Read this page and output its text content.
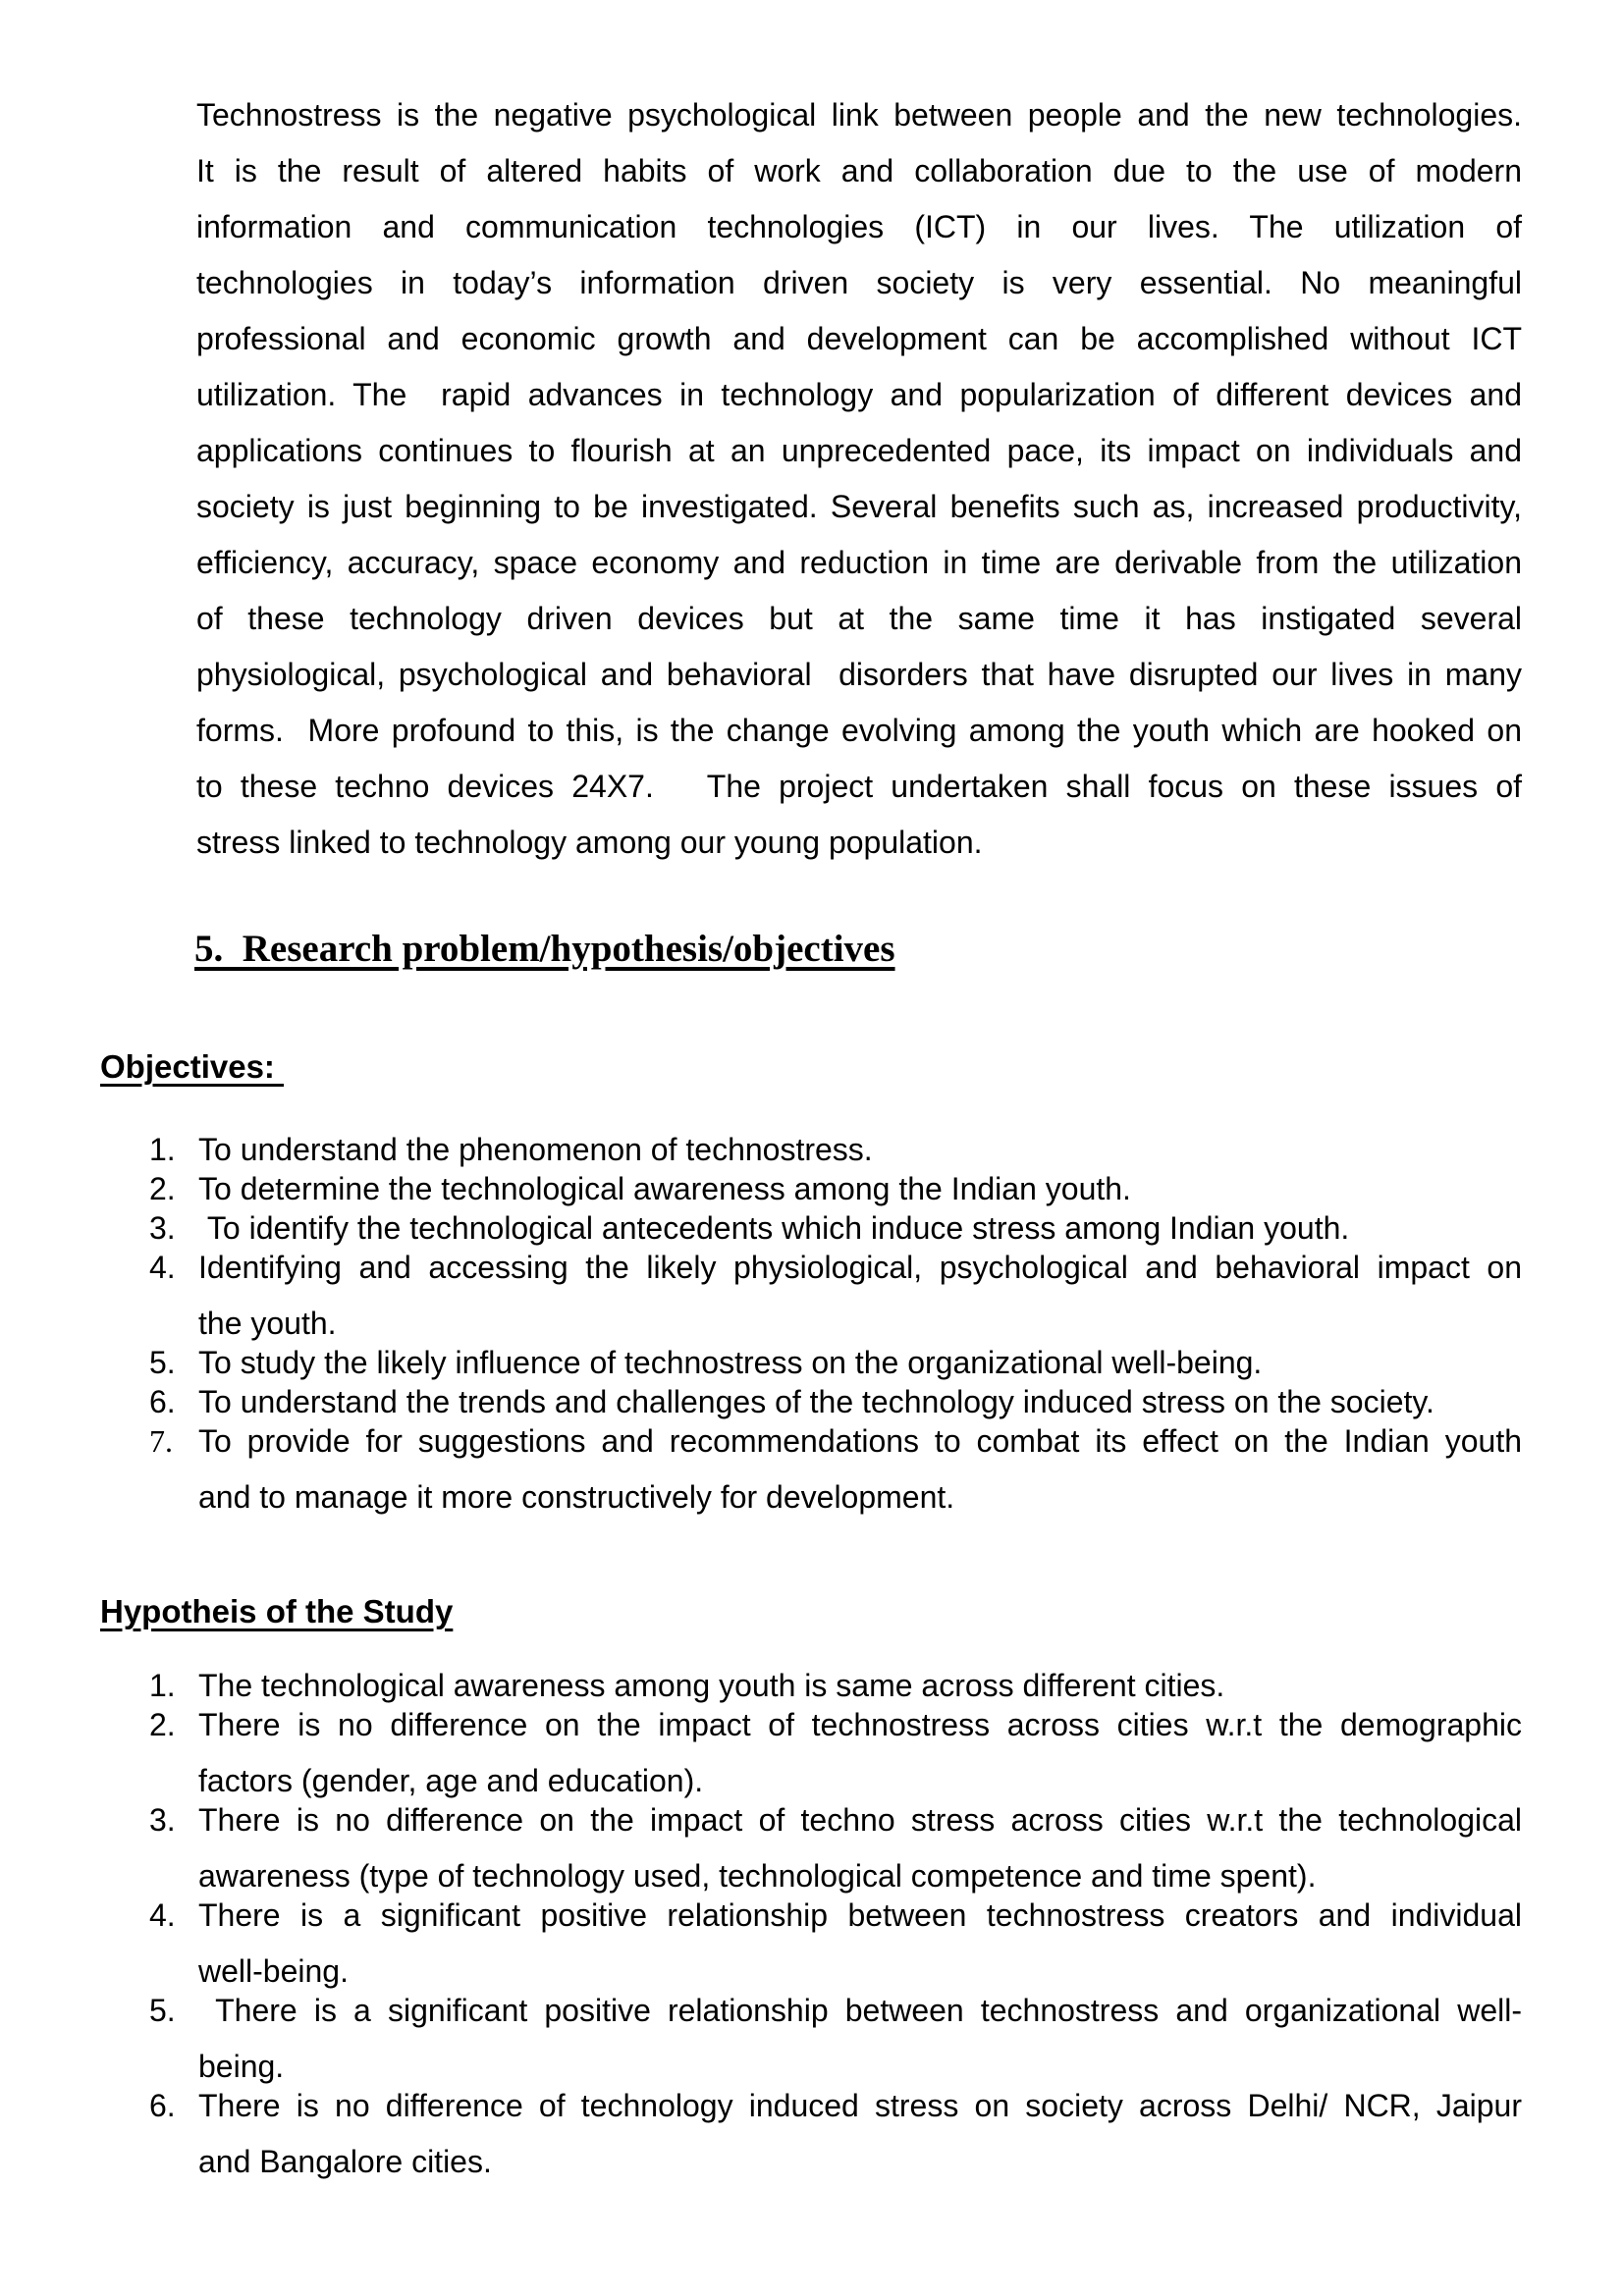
Technostress is the negative psychological link between people and the new technologies.
It is the result of altered habits of work and collaboration due to the use of modern
information and communication technologies (ICT) in our lives. The utilization of
technologies in today’s information driven society is very essential. No meaningful
professional and economic growth and development can be accomplished without ICT
utilization. The  rapid advances in technology and popularization of different devices and
applications continues to flourish at an unprecedented pace, its impact on individuals and
society is just beginning to be investigated. Several benefits such as, increased productivity,
efficiency, accuracy, space economy and reduction in time are derivable from the utilization
of these technology driven devices but at the same time it has instigated several
physiological, psychological and behavioral  disorders that have disrupted our lives in many
forms.  More profound to this, is the change evolving among the youth which are hooked on
to these techno devices 24X7.   The project undertaken shall focus on these issues of
stress linked to technology among our young population.
5.  Research problem/hypothesis/objectives
Objectives:
1. To understand the phenomenon of technostress.
2. To determine the technological awareness among the Indian youth.
3. To identify the technological antecedents which induce stress among Indian youth.
4. Identifying and accessing the likely physiological, psychological and behavioral impact on
the youth.
5. To study the likely influence of technostress on the organizational well-being.
6. To understand the trends and challenges of the technology induced stress on the society.
7. To provide for suggestions and recommendations to combat its effect on the Indian youth
and to manage it more constructively for development.
Hypotheis of the Study
1. The technological awareness among youth is same across different cities.
2. There is no difference on the impact of technostress across cities w.r.t the demographic
factors (gender, age and education).
3. There is no difference on the impact of techno stress across cities w.r.t the technological
awareness (type of technology used, technological competence and time spent).
4. There is a significant positive relationship between technostress creators and individual
well-being.
5. There is a significant positive relationship between technostress and organizational well-
being.
6. There is no difference of technology induced stress on society across Delhi/ NCR, Jaipur
and Bangalore cities.
